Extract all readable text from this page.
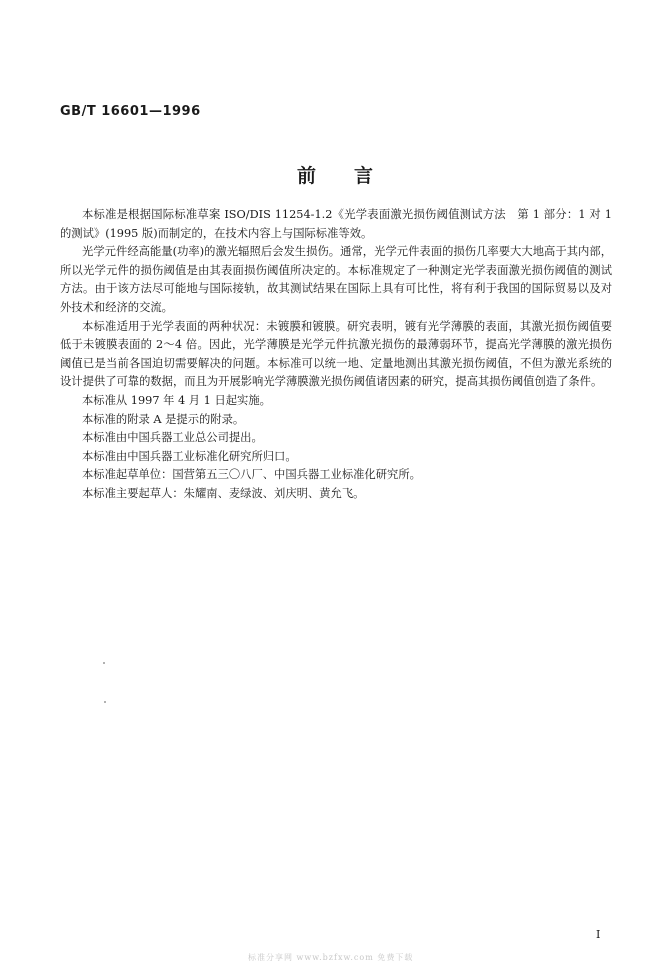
GB/T 16601—1996
前言

本标准是根据国际标准草案 ISO/DIS 11254-1.2《光学表面激光损伤阈值测试方法　第 1 部分：1 对 1 的测试》(1995 版)而制定的，在技术内容上与国际标准等效。

光学元件经高能量(功率)的激光辐照后会发生损伤。通常，光学元件表面的损伤几率要大大地高于其内部，所以光学元件的损伤阈值是由其表面损伤阈值所决定的。本标准规定了一种测定光学表面激光损伤阈值的测试方法。由于该方法尽可能地与国际接轨，故其测试结果在国际上具有可比性，将有利于我国的国际贸易以及对外技术和经济的交流。

本标准适用于光学表面的两种状况：未镀膜和镀膜。研究表明，镀有光学薄膜的表面，其激光损伤阈值要低于未镀膜表面的 2～4 倍。因此，光学薄膜是光学元件抗激光损伤的最薄弱环节，提高光学薄膜的激光损伤阈值已是当前各国迫切需要解决的问题。本标准可以统一地、定量地测出其激光损伤阈值，不但为激光系统的设计提供了可靠的数据，而且为开展影响光学薄膜激光损伤阈值诸因素的研究，提高其损伤阈值创造了条件。

本标准从 1997 年 4 月 1 日起实施。

本标准的附录 A 是提示的附录。

本标准由中国兵器工业总公司提出。

本标准由中国兵器工业标准化研究所归口。

本标准起草单位：国营第五三〇八厂、中国兵器工业标准化研究所。

本标准主要起草人：朱耀南、麦绿波、刘庆明、黄允飞。

I
标准分享网 www.bzfxw.com 免费下载
